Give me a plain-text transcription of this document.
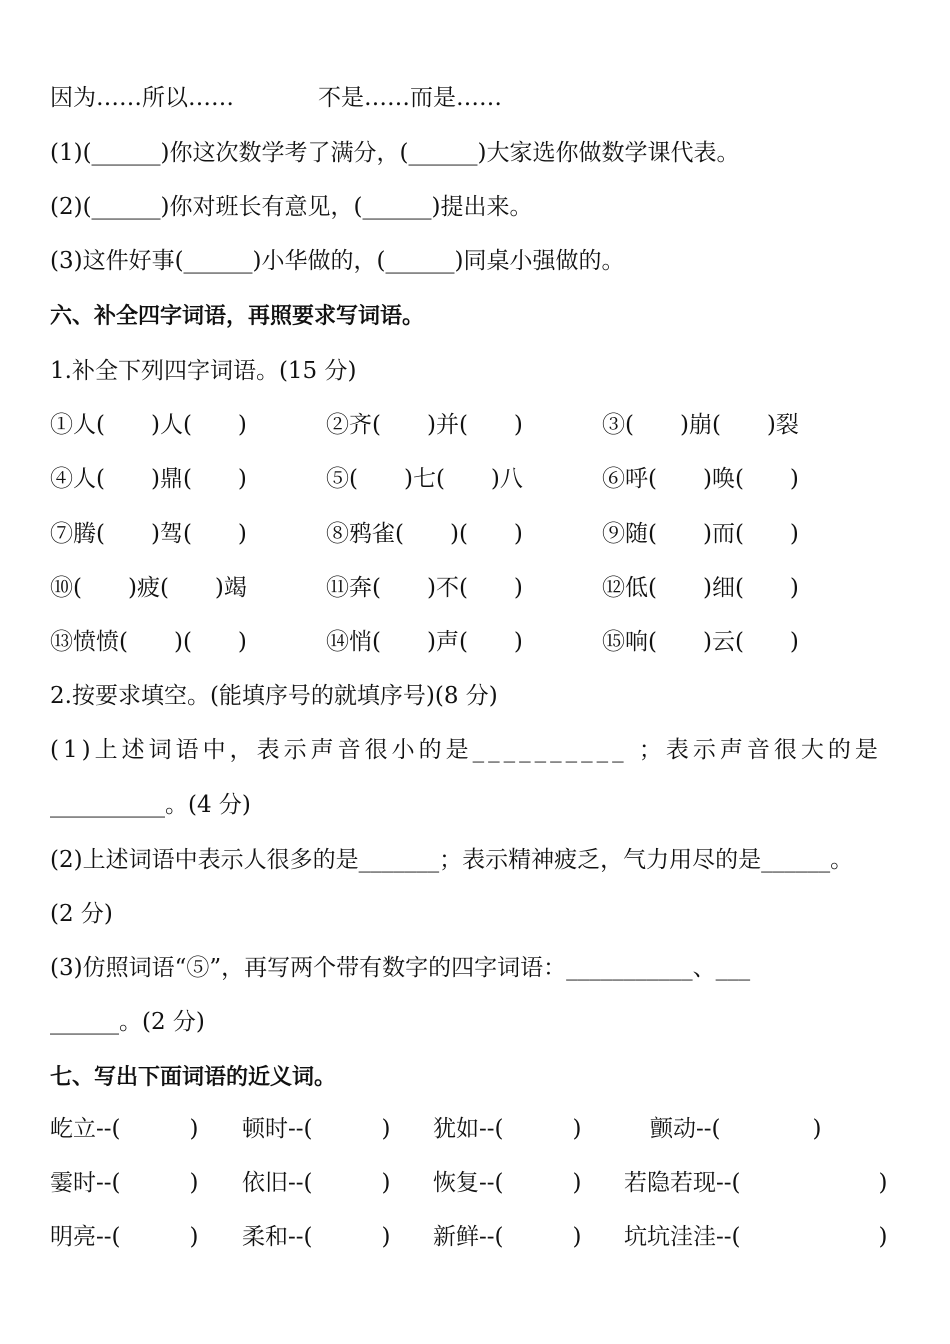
因为……所以……	不是……而是……
(1)(______)你这次数学考了满分，(______)大家选你做数学课代表。
(2)(______)你对班长有意见，(______)提出来。
(3)这件好事(______)小华做的，(______)同桌小强做的。
六、补全四字词语，再照要求写词语。
1.补全下列四字词语。(15 分)
①人(　　)人(　　)	②齐(　　)并(　　)	③(　　)崩(　　)裂
④人(　　)鼎(　　)	⑤(　　)七(　　)八	⑥呼(　　)唤(　　)
⑦腾(　　)驾(　　)	⑧鸦雀(　　)(　　)	⑨随(　　)而(　　)
⑩(　　)疲(　　)竭	⑪奔(　　)不(　　)	⑫低(　　)细(　　)
⑬愤愤(　　)(　　)	⑭悄(　　)声(　　)	⑮响(　　)云(　　)
2.按要求填空。(能填序号的就填序号)(8 分)
(1)上述词语中，表示声音很小的是__________ ；表示声音很大的是
__________。(4 分)
(2)上述词语中表示人很多的是_______；表示精神疲乏，气力用尽的是______。
(2 分)
(3)仿照词语“⑤”，再写两个带有数字的四字词语：___________、___
______。(2 分)
七、写出下面词语的近义词。
屹立--(　　　) 顿时--(　　　) 犹如--(　　　)	颤动--(　　　　)
霎时--(　　　) 依旧--(　　　) 恢复--(　　　) 若隐若现--(　　　　　　)
明亮--(　　　) 柔和--(　　　) 新鲜--(　　　) 坑坑洼洼--(　　　　　　)
